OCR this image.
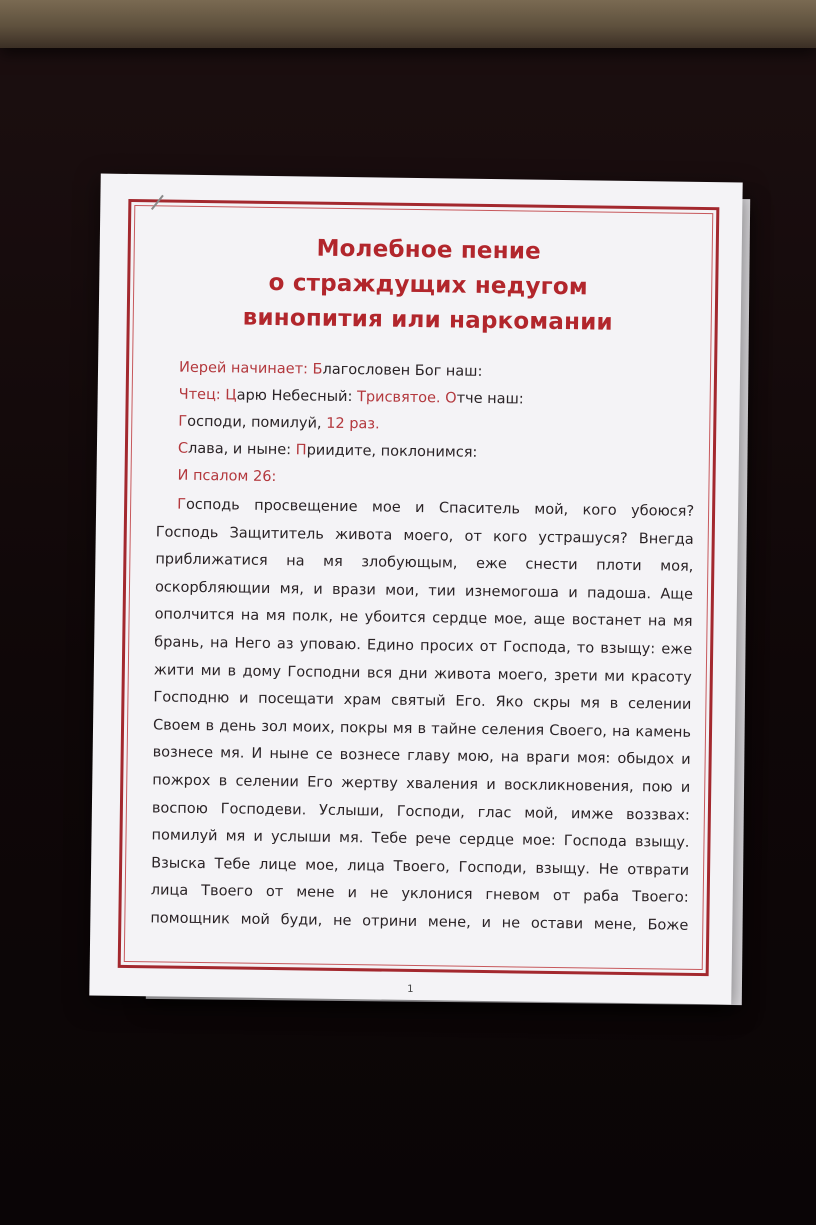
Молебное пение
о страждущих недугом
винопития или наркомании
Иерей начинает: Благословен Бог наш:
Чтец: Царю Небесный: Трисвятое. Отче наш:
Господи, помилуй, 12 раз.
Слава, и ныне: Приидите, поклонимся:
И псалом 26:
Господь просвещение мое и Спаситель мой, кого убоюся?
Господь Защититель живота моего, от кого устрашуся? Внегда
приближатися на мя злобующым, еже снести плоти моя,
оскорбляющии мя, и врази мои, тии изнемогоша и падоша. Аще
ополчится на мя полк, не убоится сердце мое, аще востанет на мя
брань, на Него аз уповаю. Едино просих от Господа, то взыщу: еже
жити ми в дому Господни вся дни живота моего, зрети ми красоту
Господню и посещати храм святый Его. Яко скры мя в селении
Своем в день зол моих, покры мя в тайне селения Своего, на камень
вознесе мя. И ныне се вознесе главу мою, на враги моя: обыдох и
пожрох в селении Его жертву хваления и воскликновения, пою и
воспою Господеви. Услыши, Господи, глас мой, имже воззвах:
помилуй мя и услыши мя. Тебе рече сердце мое: Господа взыщу.
Взыска Тебе лице мое, лица Твоего, Господи, взыщу. Не отврати
лица Твоего от мене и не уклонися гневом от раба Твоего:
помощник мой буди, не отрини мене, и не остави мене, Боже
1
